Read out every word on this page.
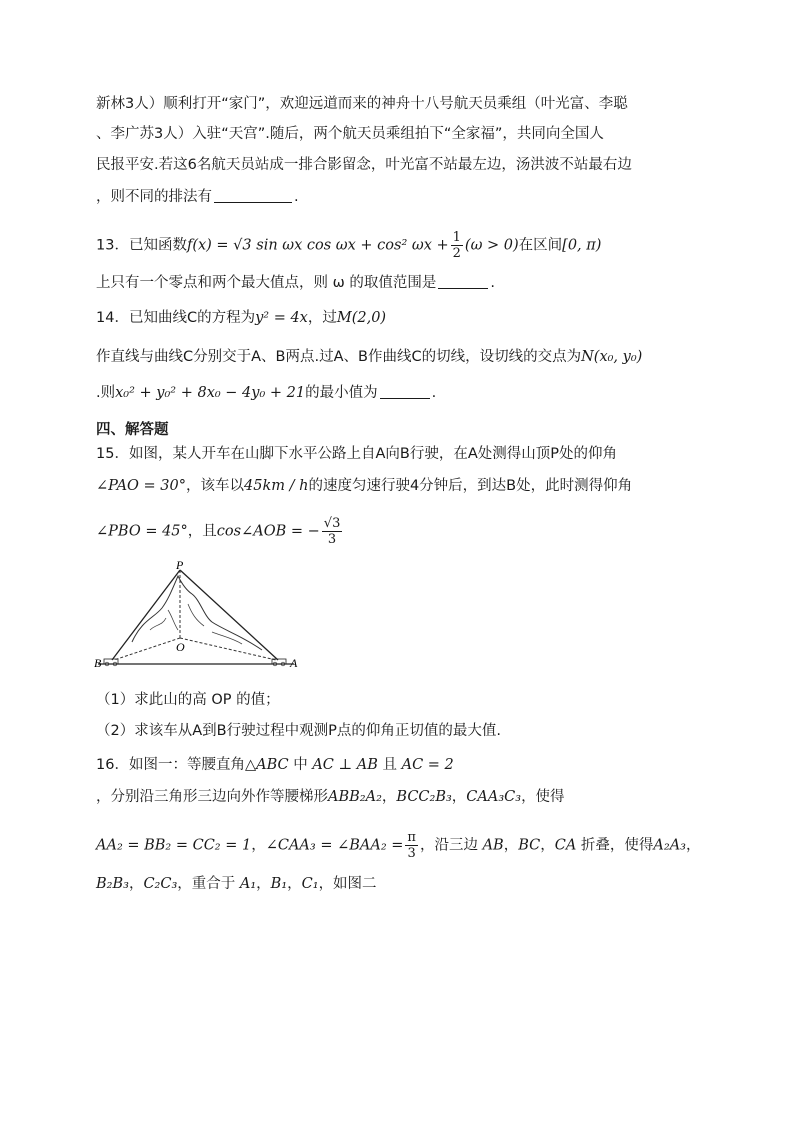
新林3人）顺利打开“家门”，欢迎远道而来的神舟十八号航天员乘组（叶光富、李聪
、李广苏3人）入驻“天宫”.随后，两个航天员乘组拍下“全家福”，共同向全国人
民报平安.若这6名航天员站成一排合影留念，叶光富不站最左边，汤洪波不站最右边
，则不同的排法有	.
13．已知函数f(x) = √3 sin ωx cos ωx + cos² $\omega x + \frac{1}{2} (\omega > 0)$在区间[0, π)
上只有一个零点和两个最大值点，则 ω 的取值范围是	.
14．已知曲线C的方程为y² = 4x，过M(2,0)
作直线与曲线C分别交于A、B两点.过A、B作曲线C的切线，设切线的交点为N(x₀, y₀)
.则x₀² + y₀² + 8x₀ − 4y₀ + 21的最小值为	.
四、解答题
15．如图，某人开车在山脚下水平公路上自A向B行驶，在A处测得山顶P处的仰角
∠PAO = 30°，该车以45km / h的速度匀速行驶4分钟后，到达B处，此时测得仰角
∠PBO = 45°，且cos∠AOB = − $\frac{√3}{3}$
P
O
B	A
（1）求此山的高 OP 的值；
（2）求该车从A到B行驶过程中观测P点的仰角正切值的最大值.
16．如图一：等腰直角△ABC 中 AC ⊥ AB 且 AC = 2
，分别沿三角形三边向外作等腰梯形ABB₂A₂，BCC₂B₃，CAA₃C₃，使得
AA₂ = BB₂ = CC₂ = 1，∠CAA₃ = ∠BAA₂ = $\frac{\pi}{3}$ ，沿三边 AB，BC，CA 折叠，使得A₂A₃，
B₂B₃，C₂C₃，重合于 A₁，B₁，C₁，如图二
